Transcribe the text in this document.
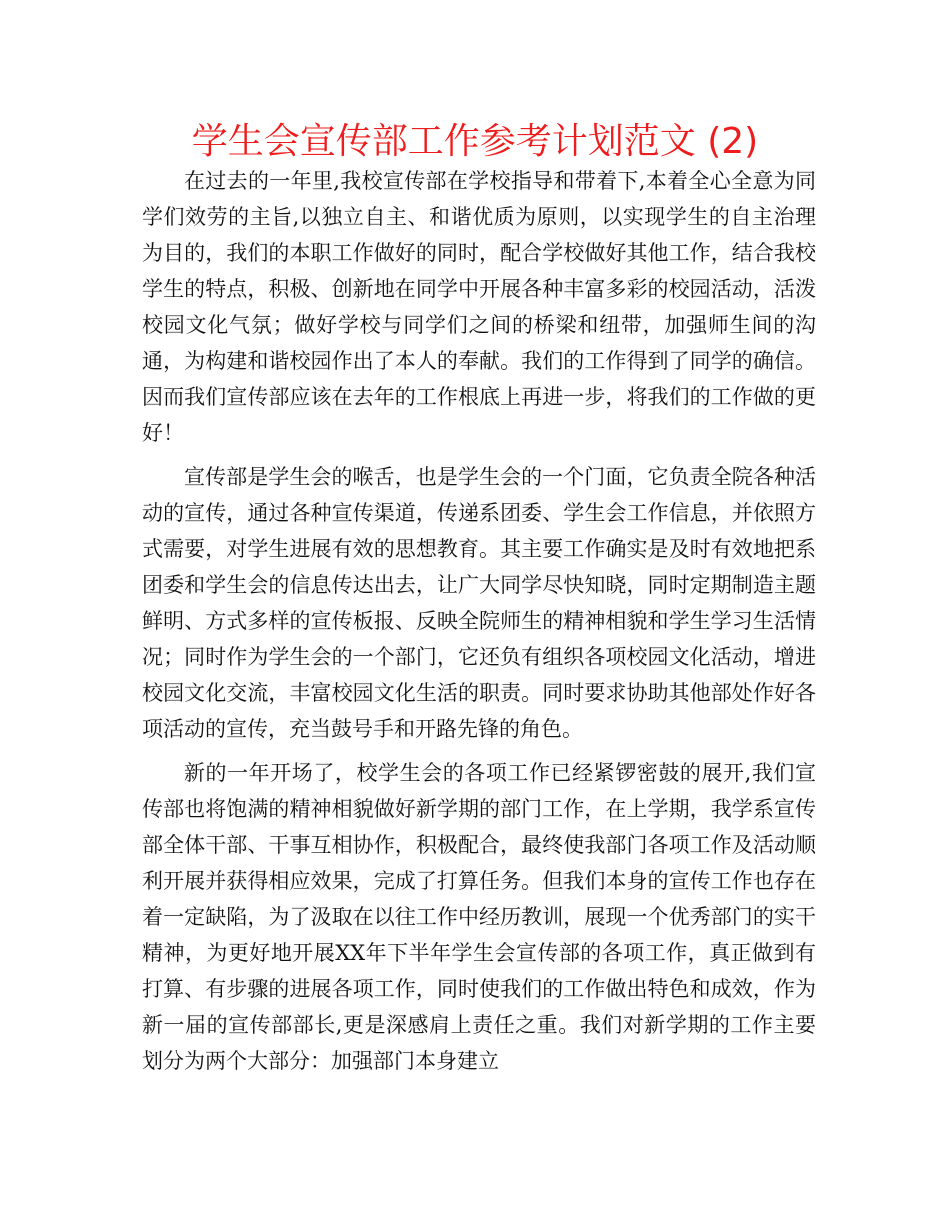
学生会宣传部工作参考计划范文 (2)

在过去的一年里,我校宣传部在学校指导和带着下,本着全心全意为同学们效劳的主旨,以独立自主、和谐优质为原则，以实现学生的自主治理为目的，我们的本职工作做好的同时，配合学校做好其他工作，结合我校学生的特点，积极、创新地在同学中开展各种丰富多彩的校园活动，活泼校园文化气氛；做好学校与同学们之间的桥梁和纽带，加强师生间的沟通，为构建和谐校园作出了本人的奉献。我们的工作得到了同学的确信。因而我们宣传部应该在去年的工作根底上再进一步，将我们的工作做的更好！

宣传部是学生会的喉舌，也是学生会的一个门面，它负责全院各种活动的宣传，通过各种宣传渠道，传递系团委、学生会工作信息，并依照方式需要，对学生进展有效的思想教育。其主要工作确实是及时有效地把系团委和学生会的信息传达出去，让广大同学尽快知晓，同时定期制造主题鲜明、方式多样的宣传板报、反映全院师生的精神相貌和学生学习生活情况；同时作为学生会的一个部门，它还负有组织各项校园文化活动，增进校园文化交流，丰富校园文化生活的职责。同时要求协助其他部处作好各项活动的宣传，充当鼓号手和开路先锋的角色。

新的一年开场了，校学生会的各项工作已经紧锣密鼓的展开,我们宣传部也将饱满的精神相貌做好新学期的部门工作，在上学期，我学系宣传部全体干部、干事互相协作，积极配合，最终使我部门各项工作及活动顺利开展并获得相应效果，完成了打算任务。但我们本身的宣传工作也存在着一定缺陷，为了汲取在以往工作中经历教训，展现一个优秀部门的实干精神，为更好地开展XX年下半年学生会宣传部的各项工作，真正做到有打算、有步骤的进展各项工作，同时使我们的工作做出特色和成效，作为新一届的宣传部部长,更是深感肩上责任之重。我们对新学期的工作主要划分为两个大部分：加强部门本身建立
